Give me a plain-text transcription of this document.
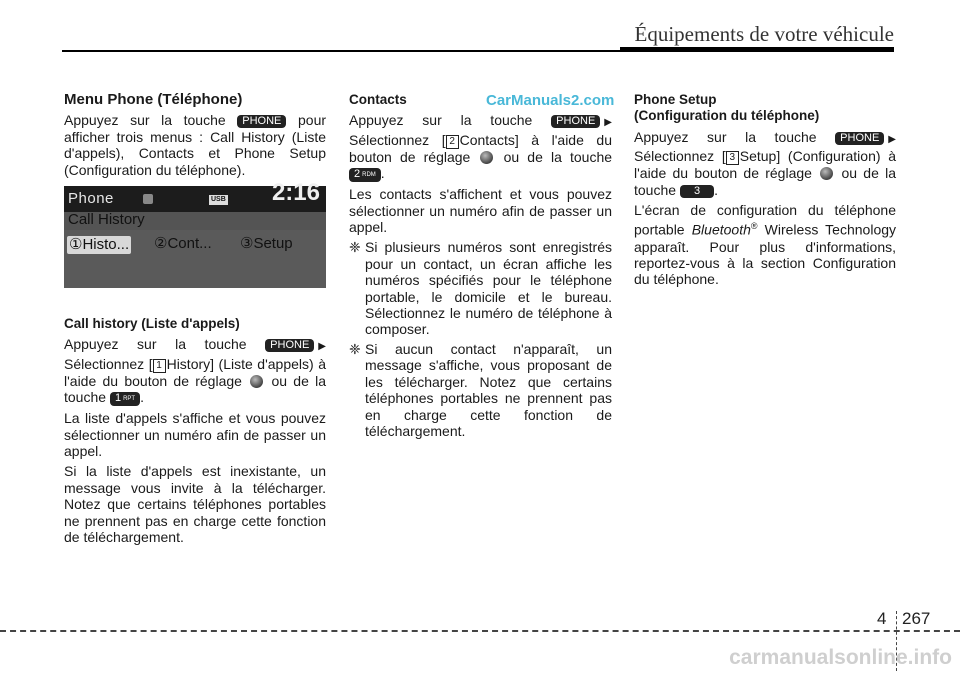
Équipements de votre véhicule
CarManuals2.com

Menu Phone (Téléphone)

Appuyez sur la touche PHONE pour afficher trois menus : Call History (Liste d'appels), Contacts et Phone Setup (Configuration du téléphone).

Phone	USB 2:16
Call History
①Histo... ②Cont... ③Setup

Call history (Liste d'appels)

Appuyez sur la touche PHONE ▶ Sélectionnez [ 1 History] (Liste d'appels) à l'aide du bouton de réglage ou de la touche 1 RPT .

La liste d'appels s'affiche et vous pouvez sélectionner un numéro afin de passer un appel.

Si la liste d'appels est inexistante, un message vous invite à la télécharger. Notez que certains téléphones portables ne prennent pas en charge cette fonction de téléchargement.

Contacts

Appuyez sur la touche PHONE ▶ Sélectionnez [ 2 Contacts] à l'aide du bouton de réglage ou de la touche 2 RDM .

Les contacts s'affichent et vous pouvez sélectionner un numéro afin de passer un appel.

❈ Si plusieurs numéros sont enregistrés pour un contact, un écran affiche les numéros spécifiés pour le téléphone portable, le domicile et le bureau. Sélectionnez le numéro de téléphone à composer.
❈ Si aucun contact n'apparaît, un message s'affiche, vous proposant de les télécharger. Notez que certains téléphones portables ne prennent pas en charge cette fonction de téléchargement.

Phone Setup
(Configuration du téléphone)

Appuyez sur la touche PHONE ▶ Sélectionnez [ 3 Setup] (Configuration) à l'aide du bouton de réglage ou de la touche 3 .

L'écran de configuration du téléphone portable Bluetooth® Wireless Technology apparaît. Pour plus d'informations, reportez-vous à la section Configuration du téléphone.

4 267
carmanualsonline.info
